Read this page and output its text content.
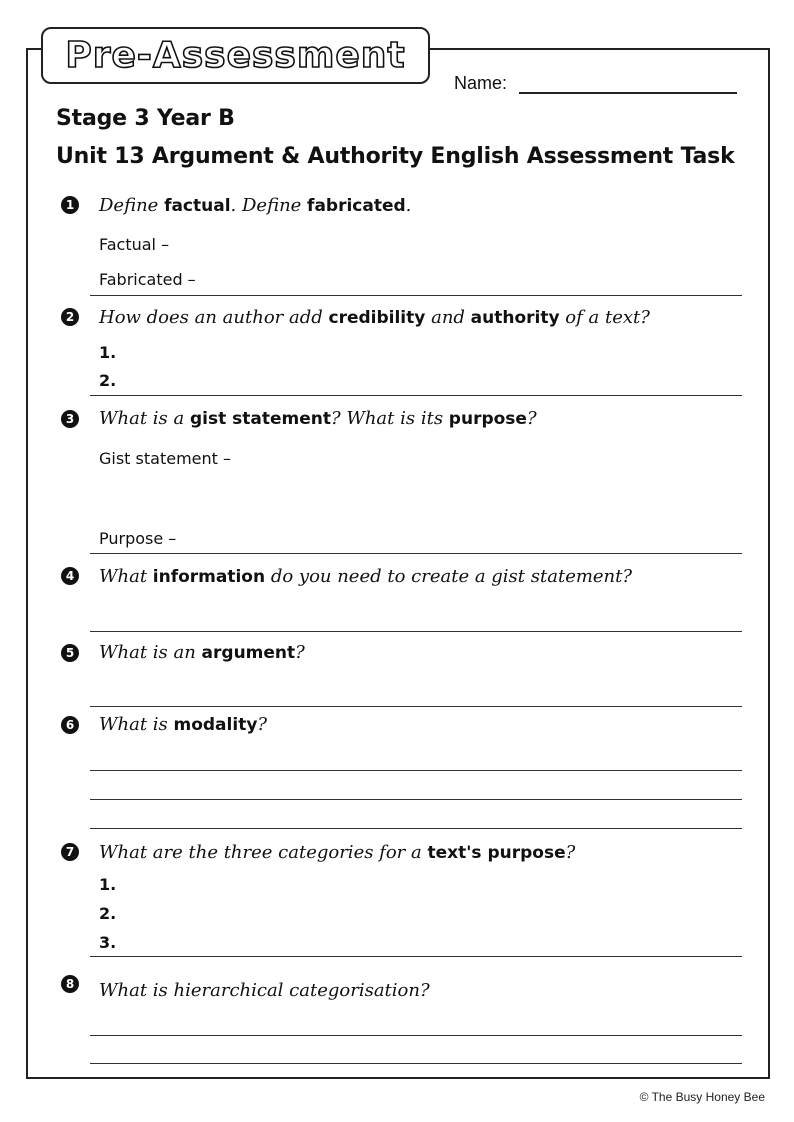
Pre-Assessment
Name:
Stage 3 Year B
Unit 13 Argument & Authority English Assessment Task
1 Define factual. Define fabricated.
Factual –
Fabricated –
2 How does an author add credibility and authority of a text?
1.
2.
3 What is a gist statement? What is its purpose?
Gist statement –
Purpose –
4 What information do you need to create a gist statement?
5 What is an argument?
6 What is modality?
7 What are the three categories for a text's purpose?
1.
2.
3.
8 What is hierarchical categorisation?
© The Busy Honey Bee
